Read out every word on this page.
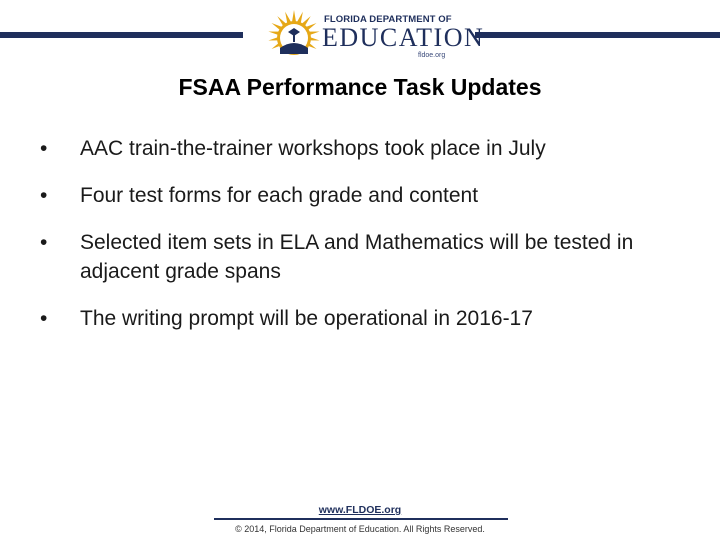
FLORIDA DEPARTMENT OF
EDUCATION
fldoe.org
FSAA Performance Task Updates
• AAC train-the-trainer workshops took place in July
• Four test forms for each grade and content
• Selected item sets in ELA and Mathematics will be tested in adjacent grade spans
• The writing prompt will be operational in 2016-17
www.FLDOE.org
© 2014, Florida Department of Education. All Rights Reserved.
